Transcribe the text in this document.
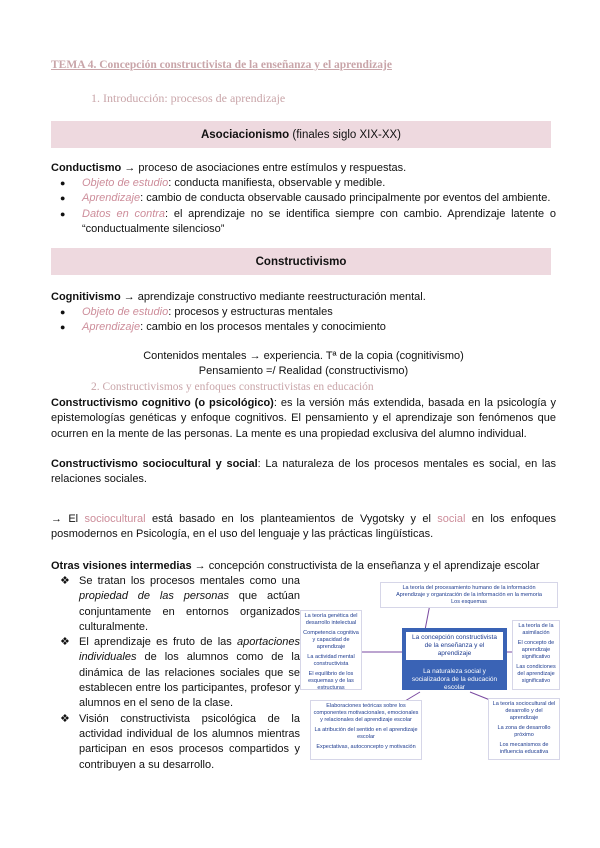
TEMA 4. Concepción constructivista de la enseñanza y el aprendizaje
1. Introducción: procesos de aprendizaje
Asociacionismo (finales siglo XIX-XX)
Conductismo → proceso de asociaciones entre estímulos y respuestas.
● Objeto de estudio: conducta manifiesta, observable y medible.
● Aprendizaje: cambio de conducta observable causado principalmente por eventos del ambiente.
● Datos en contra: el aprendizaje no se identifica siempre con cambio. Aprendizaje latente o “conductualmente silencioso”
Constructivismo
Cognitivismo → aprendizaje constructivo mediante reestructuración mental.
● Objeto de estudio: procesos y estructuras mentales
● Aprendizaje: cambio en los procesos mentales y conocimiento
Contenidos mentales → experiencia. Tª de la copia (cognitivismo)
Pensamiento =/ Realidad (constructivismo)
2. Constructivismos y enfoques constructivistas en educación
Constructivismo cognitivo (o psicológico): es la versión más extendida, basada en la psicología y epistemologías genéticas y enfoque cognitivos. El pensamiento y el aprendizaje son fenómenos que ocurren en la mente de las personas. La mente es una propiedad exclusiva del alumno individual.
Constructivismo sociocultural y social: La naturaleza de los procesos mentales es social, en las relaciones sociales.
→ El sociocultural está basado en los planteamientos de Vygotsky y el social en los enfoques posmodernos en Psicología, en el uso del lenguaje y las prácticas lingüísticas.
Otras visiones intermedias → concepción constructivista de la enseñanza y el aprendizaje escolar
❖ Se tratan los procesos mentales como una propiedad de las personas que actúan conjuntamente en entornos organizados culturalmente.
❖ El aprendizaje es fruto de las aportaciones individuales de los alumnos como de la dinámica de las relaciones sociales que se establecen entre los participantes, profesor y alumnos en el seno de la clase.
❖ Visión constructivista psicológica de la actividad individual de los alumnos mientras participan en esos procesos compartidos y contribuyen a su desarrollo.
La teoría del procesamiento humano de la información
Aprendizaje y organización de la información en la memoria
Los esquemas
La teoría genética del desarrollo intelectual
Competencia cognitiva y capacidad de aprendizaje
La actividad mental constructivista
El equilibrio de los esquemas y de las estructuras
La concepción constructivista de la enseñanza y el aprendizaje
La naturaleza social y socializadora de la educación escolar
La teoría de la asimilación
El concepto de aprendizaje significativo
Las condiciones del aprendizaje significativo
Elaboraciones teóricas sobre los componentes motivacionales, emocionales y relacionales del aprendizaje escolar
La atribución del sentido en el aprendizaje escolar
Expectativas, autoconcepto y motivación
La teoría sociocultural del desarrollo y del aprendizaje
La zona de desarrollo próximo
Los mecanismos de influencia educativa
